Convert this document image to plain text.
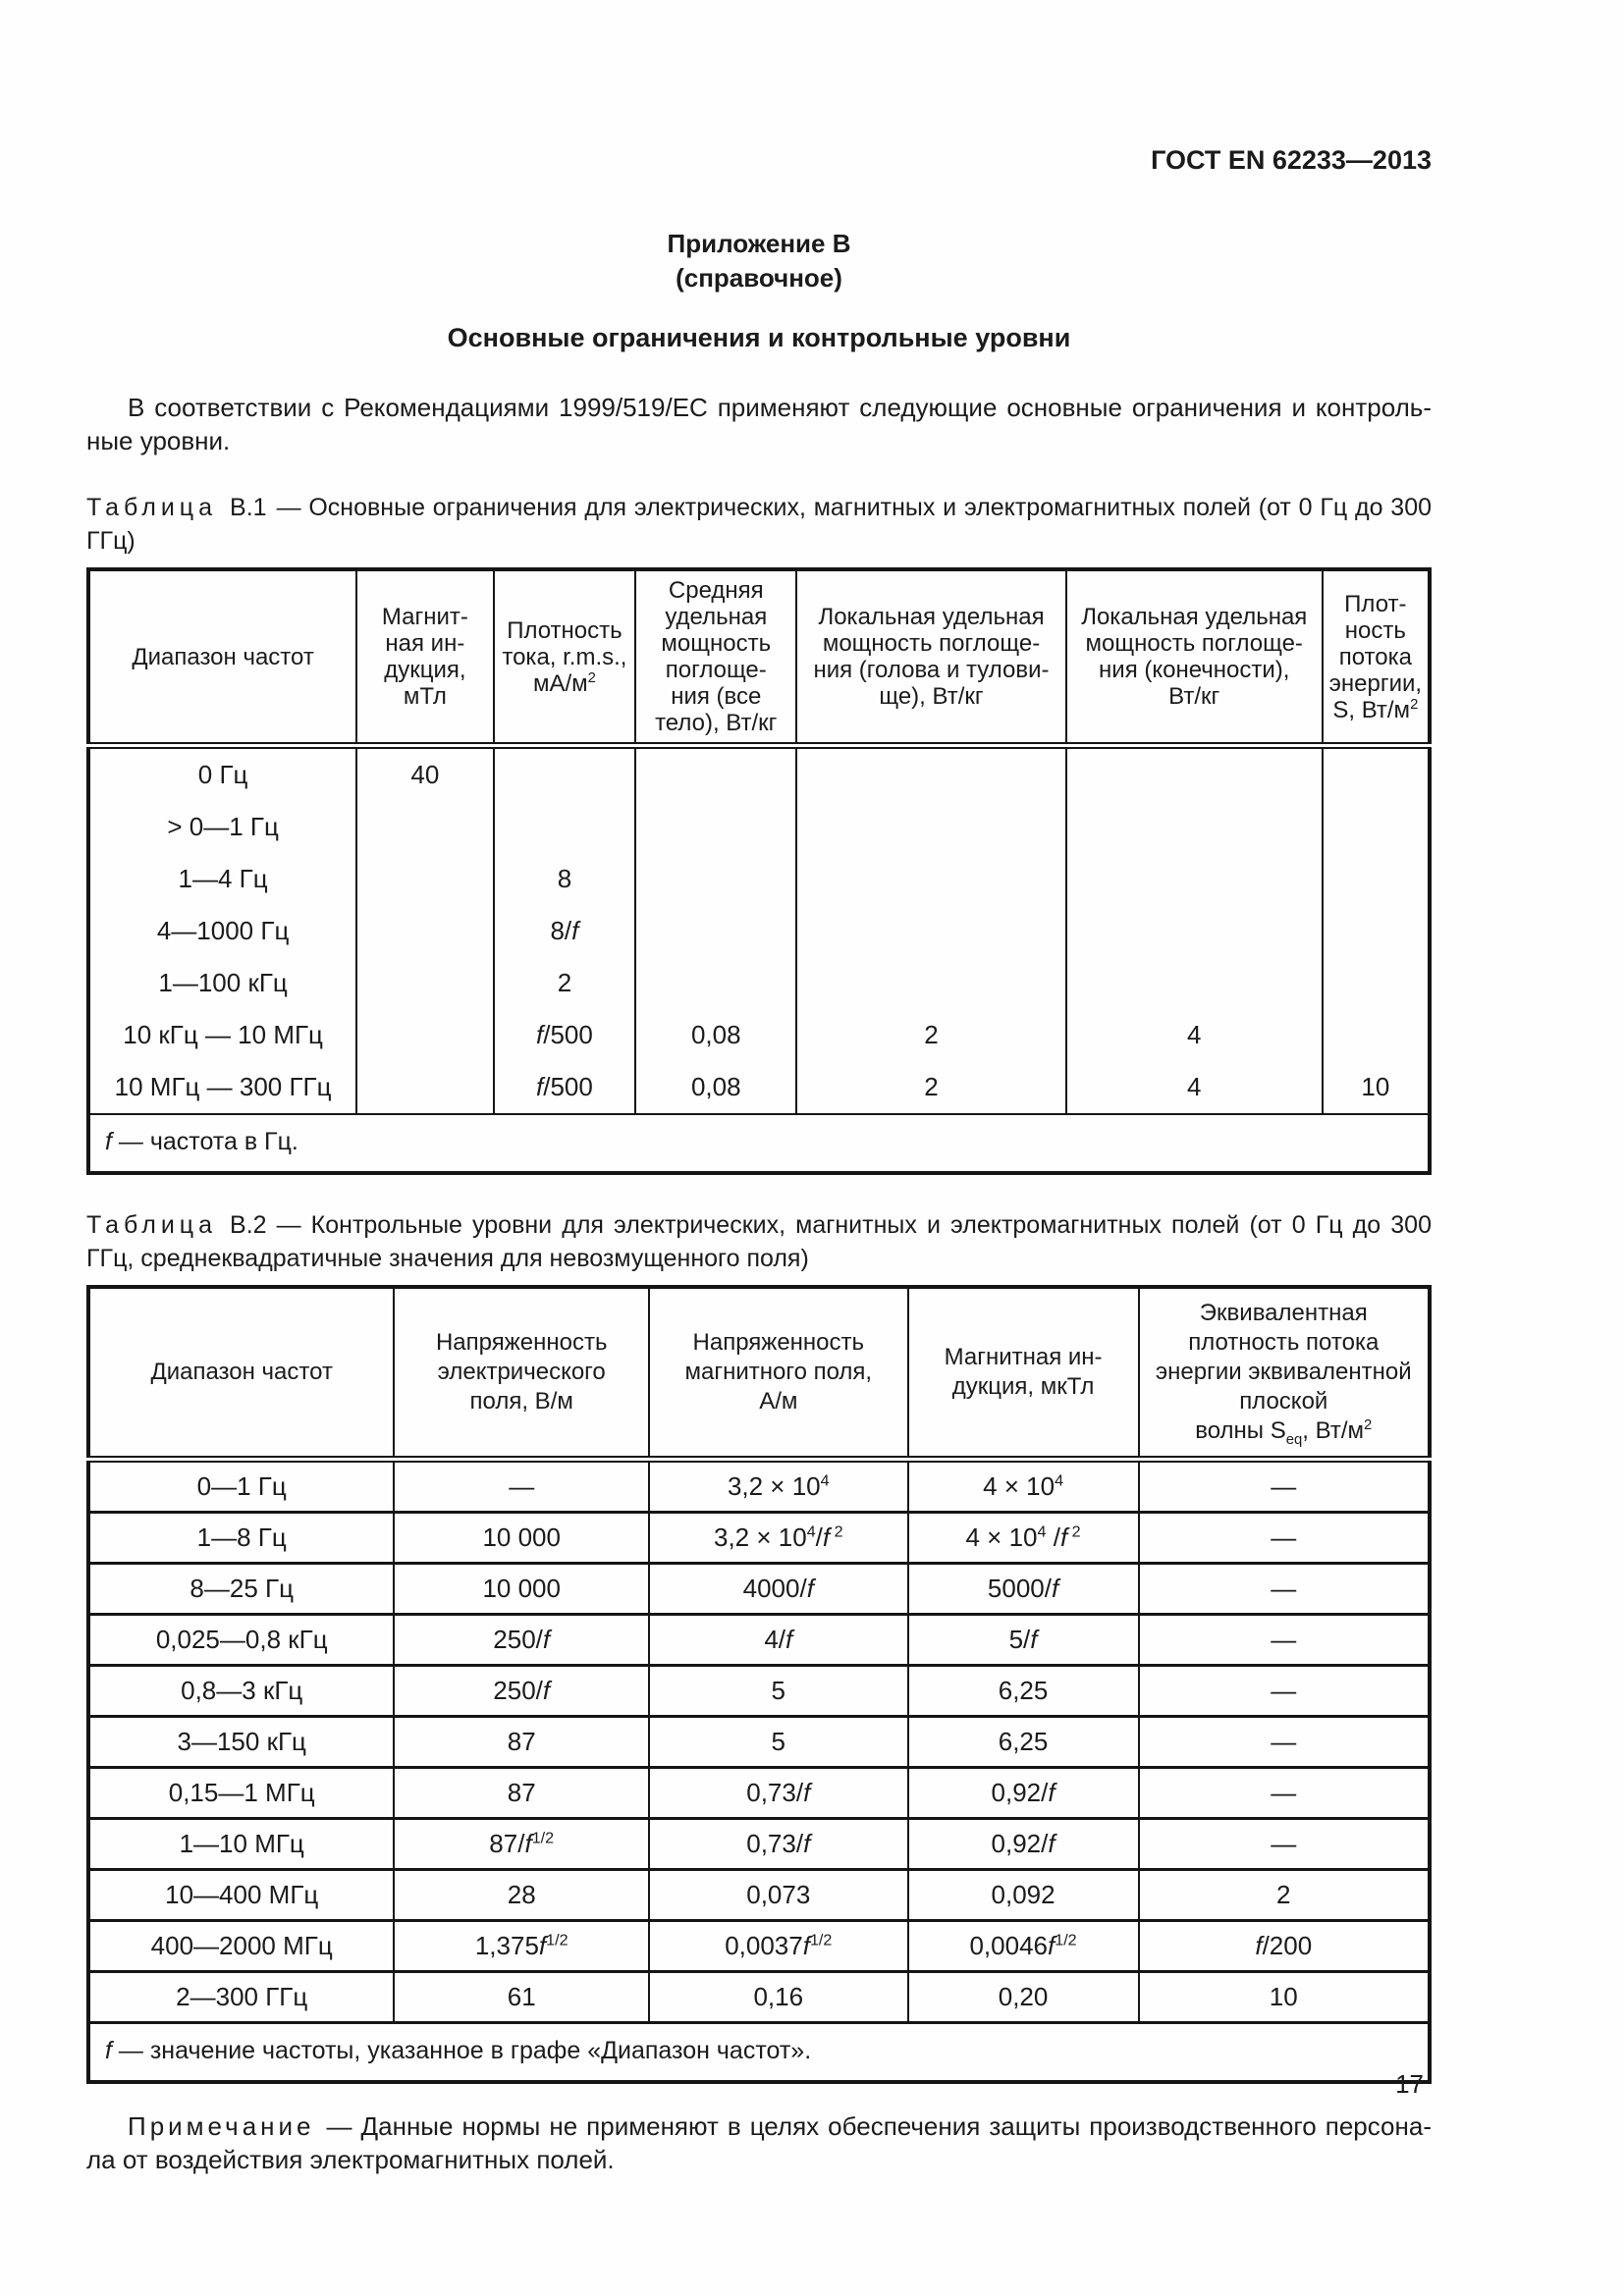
ГОСТ EN 62233—2013
Приложение В
(справочное)
Основные ограничения и контрольные уровни

В соответствии с Рекомендациями 1999/519/ЕС применяют следующие основные ограничения и контрольные уровни.

Таблица В.1 — Основные ограничения для электрических, магнитных и электромагнитных полей (от 0 Гц до 300 ГГц)

Диапазон частот	Магнит-
ная ин-
дукция,
мТл	Плотность
тока, r.m.s.,
$мА/м^2$	Средняя
удельная
мощность
поглоще-
ния (все
тело), Вт/кг	Локальная удельная
мощность поглоще-
ния (голова и тулови-
ще), Вт/кг	Локальная удельная
мощность поглоще-
ния (конечности),
Вт/кг	Плот-
ность
потока
энергии,
S, $Вт/м^2$
0 Гц	40					
> 0—1 Гц						
1—4 Гц		8				
4—1000 Гц		8/f				
1—100 кГц		2				
10 кГц — 10 МГц		f/500	0,08	2	4	
10 МГц — 300 ГГц		f/500	0,08	2	4	10
f — частота в Гц.						

Таблица В.2 — Контрольные уровни для электрических, магнитных и электромагнитных полей (от 0 Гц до 300 ГГц, среднеквадратичные значения для невозмущенного поля)

Диапазон частот	Напряженность
электрического
поля, В/м	Напряженность
магнитного поля,
А/м	Магнитная ин-
дукция, мкТл	Эквивалентная плотность потока
энергии эквивалентной плоской
волны $S_{eq}$, $Вт/м^2$
0—1 Гц	—	$3,2 \times 10^4$	$4 \times 10^4$	—
1—8 Гц	10 000	$3,2 \times 10^4/f$ $^2$	$4 \times 10^4$ /f $^2$	—
8—25 Гц	10 000	4000/f	5000/f	—
0,025—0,8 кГц	250/f	4/f	5/f	—
0,8—3 кГц	250/f	5	6,25	—
3—150 кГц	87	5	6,25	—
0,15—1 МГц	87	0,73/f	0,92/f	—
1—10 МГц	$87/f^{1/2}$	0,73/f	0,92/f	—
10—400 МГц	28	0,073	0,092	2
400—2000 МГц	$1,375f^{1/2}$	$0,0037f^{1/2}$	$0,0046f^{1/2}$	f/200
2—300 ГГц	61	0,16	0,20	10
f — значение частоты, указанное в графе «Диапазон частот».				

Примечание — Данные нормы не применяют в целях обеспечения защиты производственного персонала от воздействия электромагнитных полей.

17
